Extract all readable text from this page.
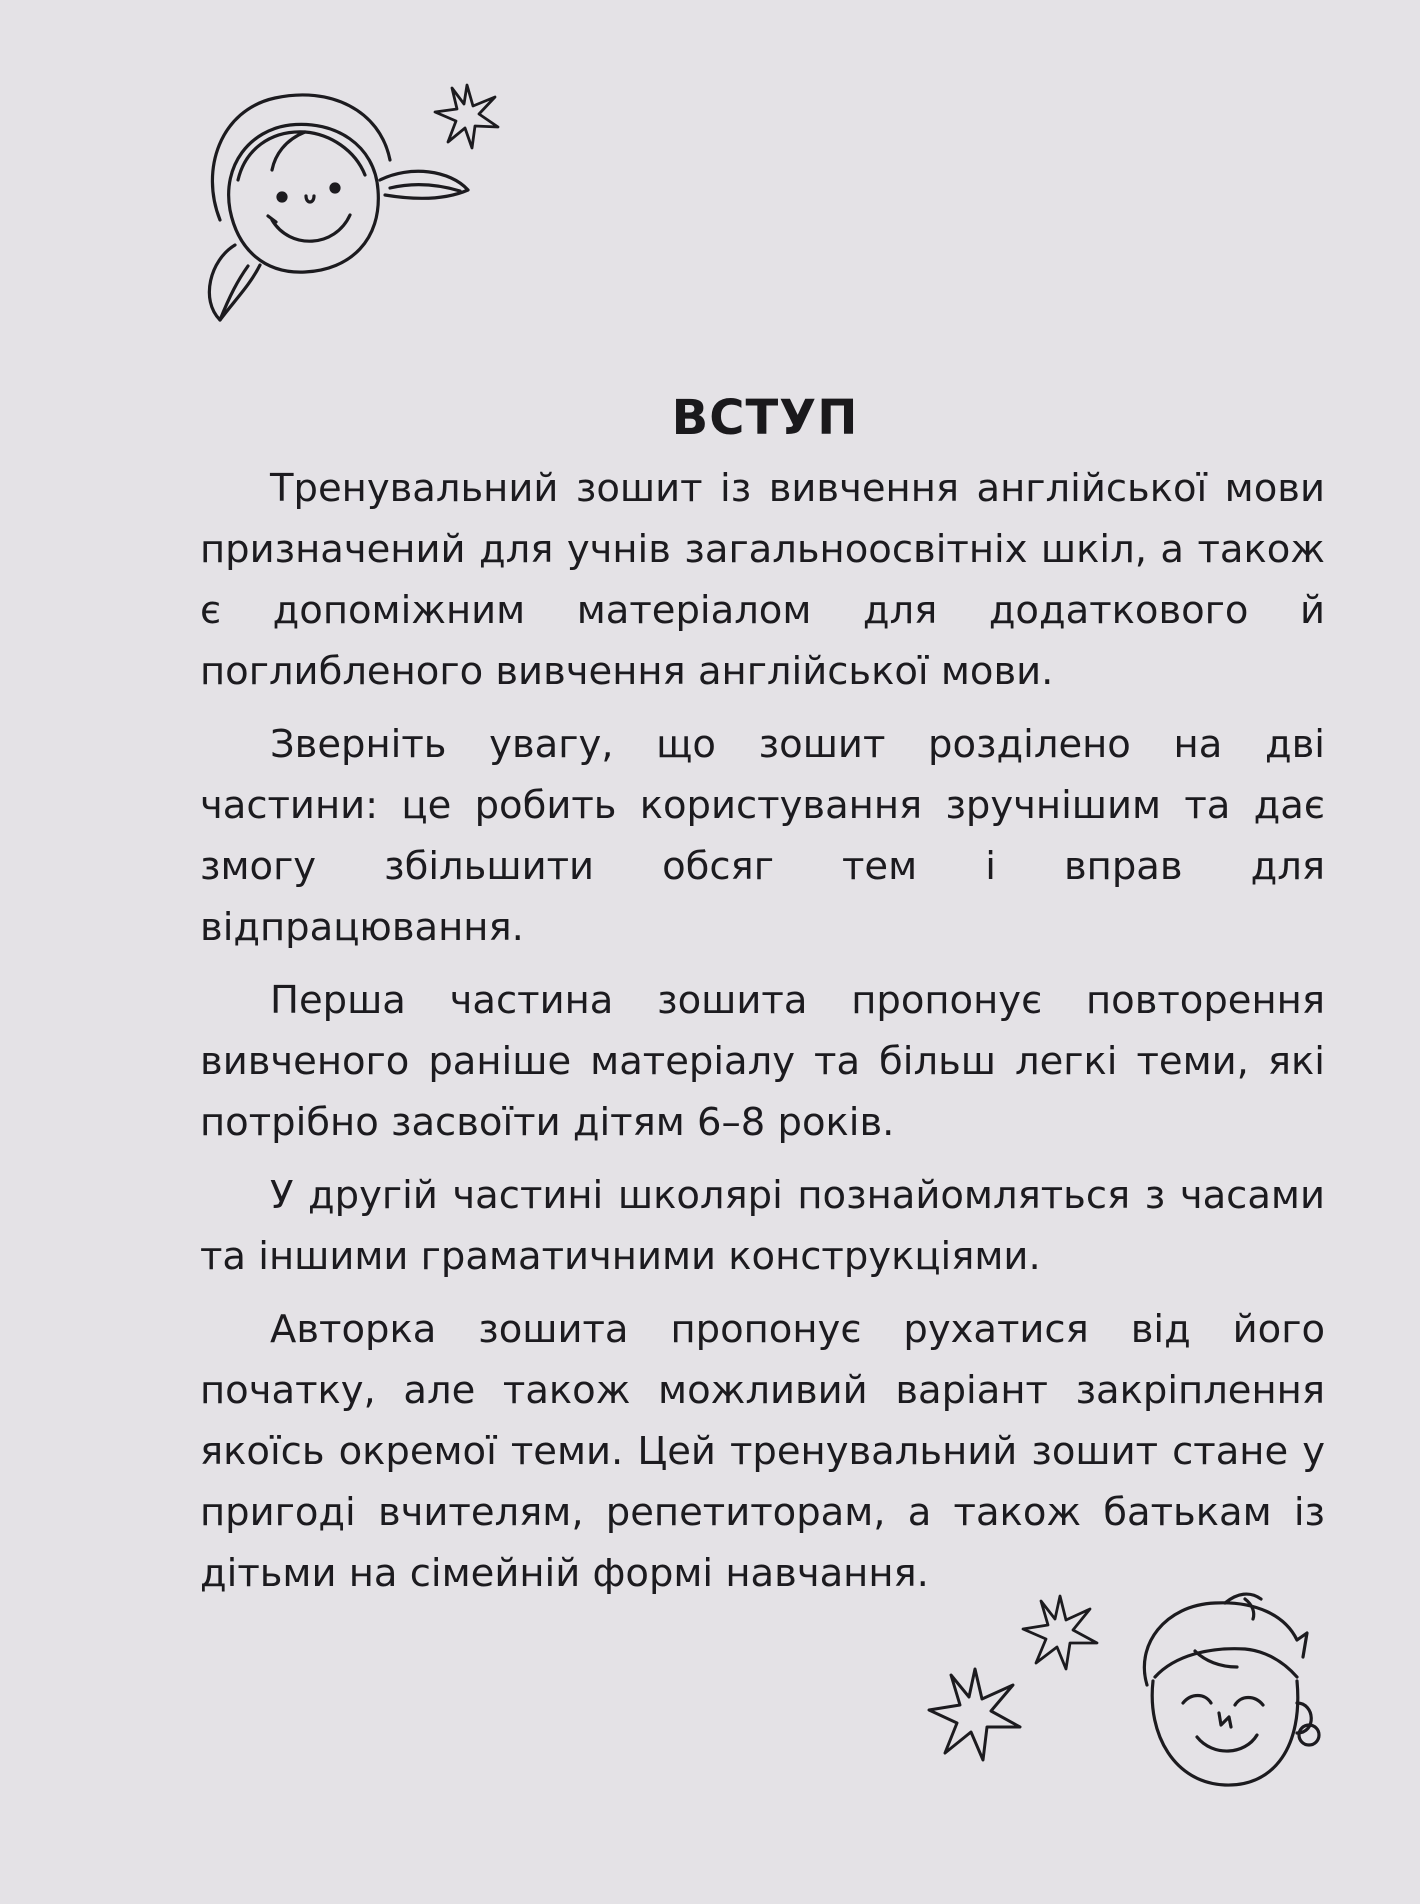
ВСТУП

Тренувальний зошит із вивчення англійської мови призначений для учнів загальноосвітніх шкіл, а також є допоміжним матеріалом для додаткового й поглибленого вивчення англійської мови.

Зверніть увагу, що зошит розділено на дві частини: це робить користування зручнішим та дає змогу збільшити обсяг тем і вправ для відпрацювання.

Перша частина зошита пропонує повторення вивченого раніше матеріалу та більш легкі теми, які потрібно засвоїти дітям 6–8 років.

У другій частині школярі познайомляться з часами та іншими граматичними конструкціями.

Авторка зошита пропонує рухатися від його початку, але також можливий варіант закріплення якоїсь окремої теми. Цей тренувальний зошит стане у пригоді вчителям, репетиторам, а також батькам із дітьми на сімейній формі навчання.
